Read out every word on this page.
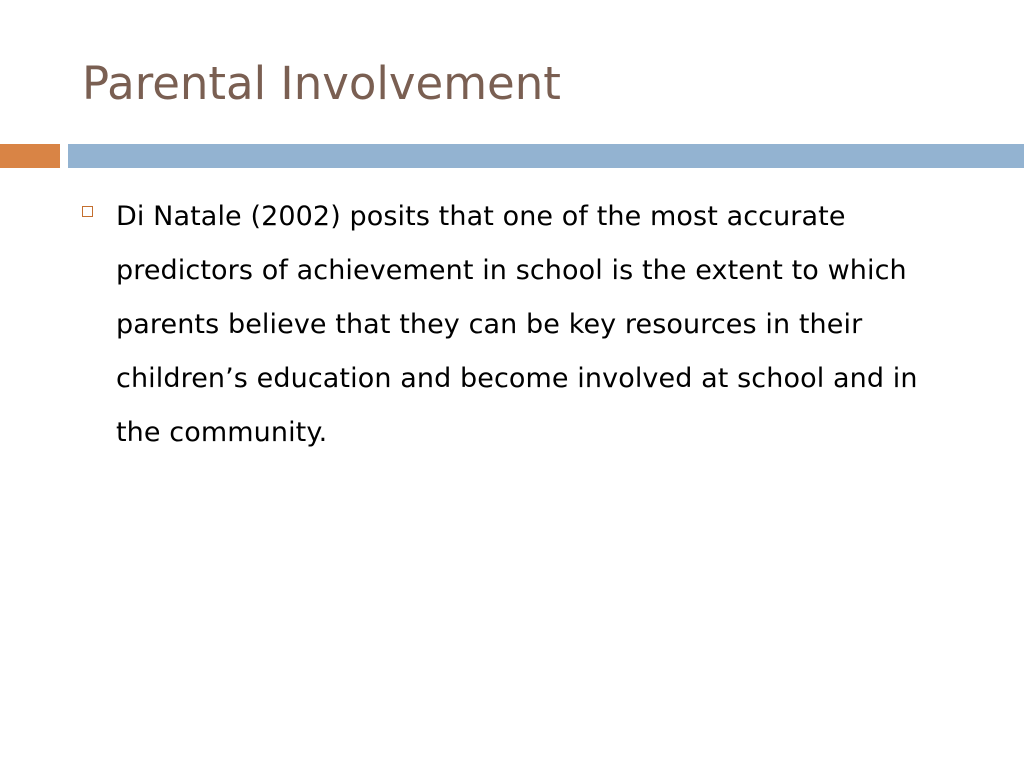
Parental Involvement
Di Natale (2002) posits that one of the most accurate predictors of achievement in school is the extent to which parents believe that they can be key resources in their children’s education and become involved at school and in the community.
